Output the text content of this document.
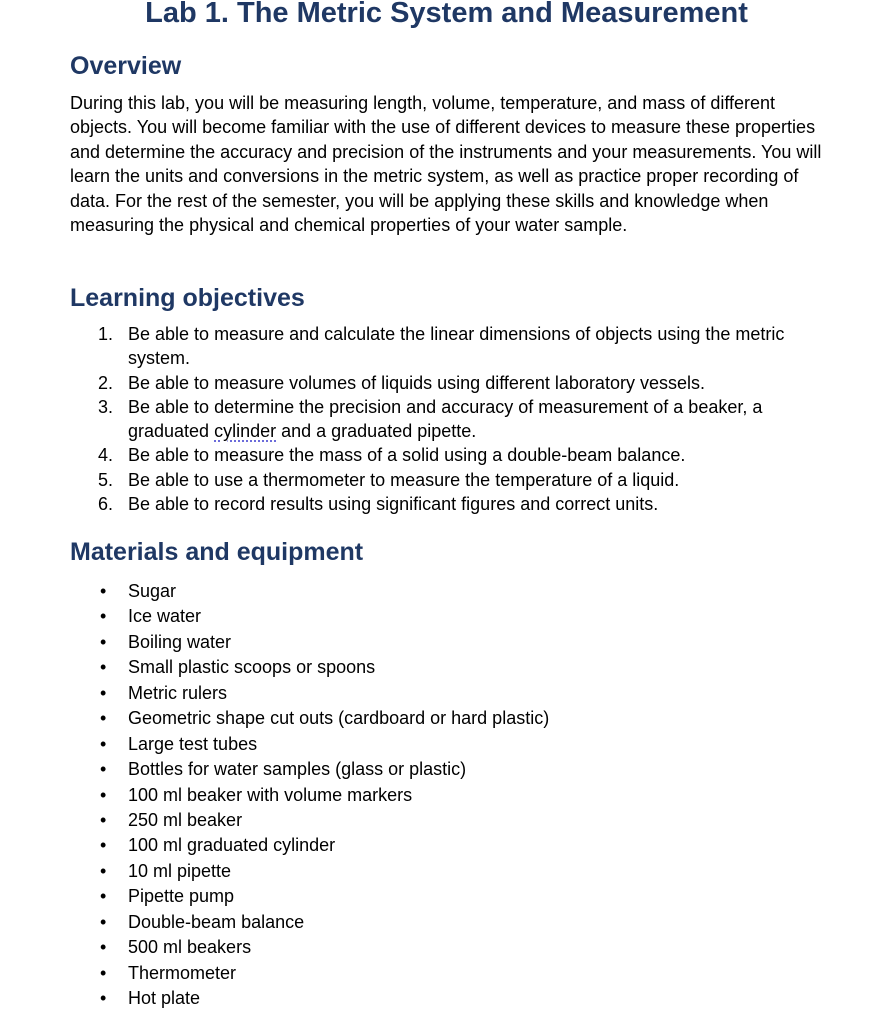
Lab 1. The Metric System and Measurement
Overview

During this lab, you will be measuring length, volume, temperature, and mass of different objects. You will become familiar with the use of different devices to measure these properties and determine the accuracy and precision of the instruments and your measurements. You will learn the units and conversions in the metric system, as well as practice proper recording of data. For the rest of the semester, you will be applying these skills and knowledge when measuring the physical and chemical properties of your water sample.

Learning objectives
1. Be able to measure and calculate the linear dimensions of objects using the metric system.
2. Be able to measure volumes of liquids using different laboratory vessels.
3. Be able to determine the precision and accuracy of measurement of a beaker, a graduated cylinder and a graduated pipette.
4. Be able to measure the mass of a solid using a double-beam balance.
5. Be able to use a thermometer to measure the temperature of a liquid.
6. Be able to record results using significant figures and correct units.
Materials and equipment
• Sugar
• Ice water
• Boiling water
• Small plastic scoops or spoons
• Metric rulers
• Geometric shape cut outs (cardboard or hard plastic)
• Large test tubes
• Bottles for water samples (glass or plastic)
• 100 ml beaker with volume markers
• 250 ml beaker
• 100 ml graduated cylinder
• 10 ml pipette
• Pipette pump
• Double-beam balance
• 500 ml beakers
• Thermometer
• Hot plate
